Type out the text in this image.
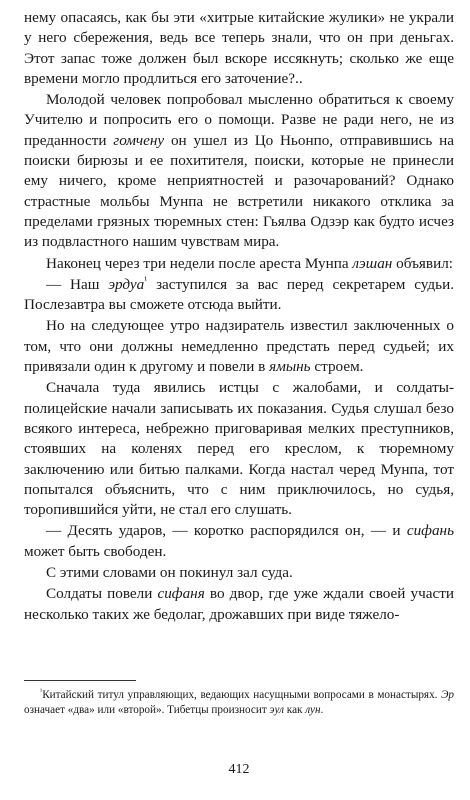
нему опасаясь, как бы эти «хитрые китайские жулики» не украли у него сбережения, ведь все теперь знали, что он при деньгах. Этот запас тоже должен был вскоре иссякнуть; сколько же еще времени могло продлиться его заточение?..

Молодой человек попробовал мысленно обратиться к своему Учителю и попросить его о помощи. Разве не ради него, не из преданности гомчену он ушел из Цо Ньонпо, отправившись на поиски бирюзы и ее похитителя, поиски, которые не принесли ему ничего, кроме неприятностей и разочарований? Однако страстные мольбы Мунпа не встретили никакого отклика за пределами грязных тюремных стен: Гьялва Одзэр как будто исчез из подвластного нашим чувствам мира.

Наконец через три недели после ареста Мунпа лэшан объявил:

— Наш эрдуа$^{^1}$ заступился за вас перед секретарем судьи. Послезавтра вы сможете отсюда выйти.

Но на следующее утро надзиратель известил заключенных о том, что они должны немедленно предстать перед судьей; их привязали один к другому и повели в ямынь строем.

Сначала туда явились истцы с жалобами, и солдаты-полицейские начали записывать их показания. Судья слушал безо всякого интереса, небрежно приговаривая мелких преступников, стоявших на коленях перед его креслом, к тюремному заключению или битью палками. Когда настал черед Мунпа, тот попытался объяснить, что с ним приключилось, но судья, торопившийся уйти, не стал его слушать.

— Десять ударов, — коротко распорядился он, — и сифань может быть свободен.

С этими словами он покинул зал суда.

Солдаты повели сифаня во двор, где уже ждали своей участи несколько таких же бедолаг, дрожавших при виде тяжело-

$^{^1}$Китайский титул управляющих, ведающих насущными вопросами в монастырях. Эр означает «два» или «второй». Тибетцы произносит эул как лун.

412
